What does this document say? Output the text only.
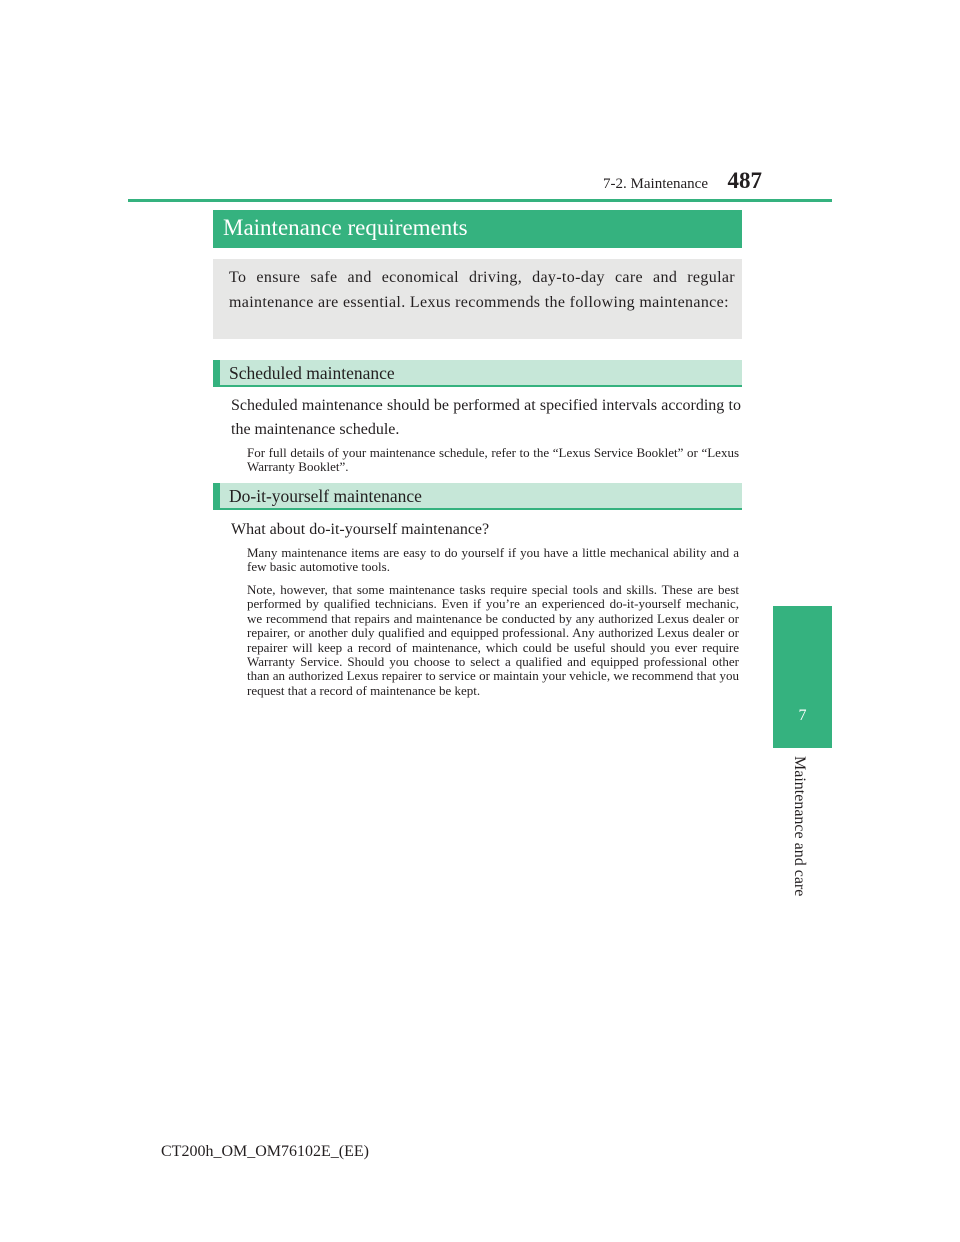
7-2. Maintenance 487
7
Maintenance and care
Maintenance requirements
To ensure safe and economical driving, day-to-day care and regular maintenance are essential. Lexus recommends the following maintenance:
Scheduled maintenance
Scheduled maintenance should be performed at specified intervals according to the maintenance schedule.
For full details of your maintenance schedule, refer to the “Lexus Service Booklet” or “Lexus Warranty Booklet”.
Do-it-yourself maintenance
What about do-it-yourself maintenance?
Many maintenance items are easy to do yourself if you have a little mechanical ability and a few basic automotive tools.
Note, however, that some maintenance tasks require special tools and skills. These are best performed by qualified technicians. Even if you’re an experienced do-it-yourself mechanic, we recommend that repairs and maintenance be conducted by any authorized Lexus dealer or repairer, or another duly qualified and equipped professional. Any authorized Lexus dealer or repairer will keep a record of maintenance, which could be useful should you ever require Warranty Service. Should you choose to select a qualified and equipped professional other than an authorized Lexus repairer to service or maintain your vehicle, we recommend that you request that a record of maintenance be kept.
CT200h_OM_OM76102E_(EE)
